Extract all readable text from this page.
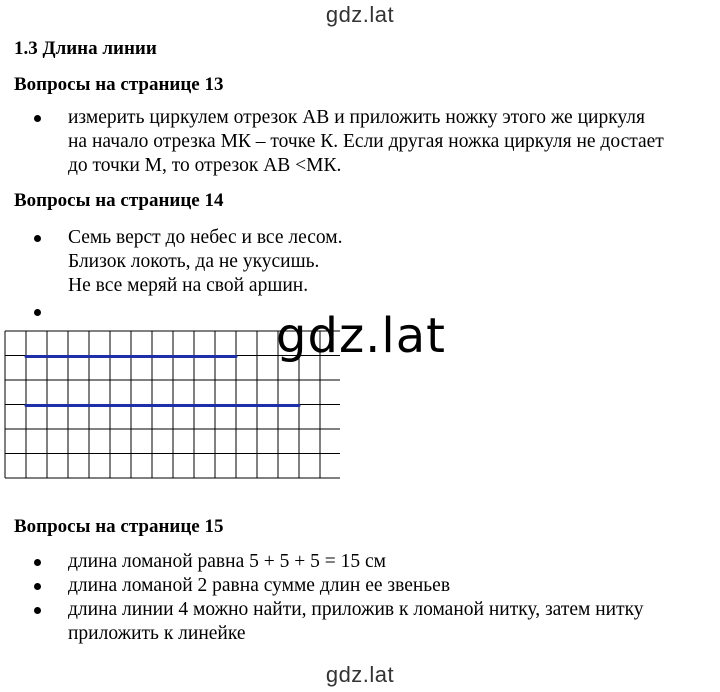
gdz.lat
1.3 Длина линии
Вопросы на странице 13
измерить циркулем отрезок АВ и приложить ножку этого же циркуля
на начало отрезка МК – точке К. Если другая ножка циркуля не достает
до точки М, то отрезок АВ <МК.
Вопросы на странице 14
Семь верст до небес и все лесом.
Близок локоть, да не укусишь.
Не все меряй на свой аршин.
gdz.lat
Вопросы на странице 15
длина ломаной равна 5 + 5 + 5 = 15 см
длина ломаной 2 равна сумме длин ее звеньев
длина линии 4 можно найти, приложив к ломаной нитку, затем нитку
приложить к линейке
gdz.lat
